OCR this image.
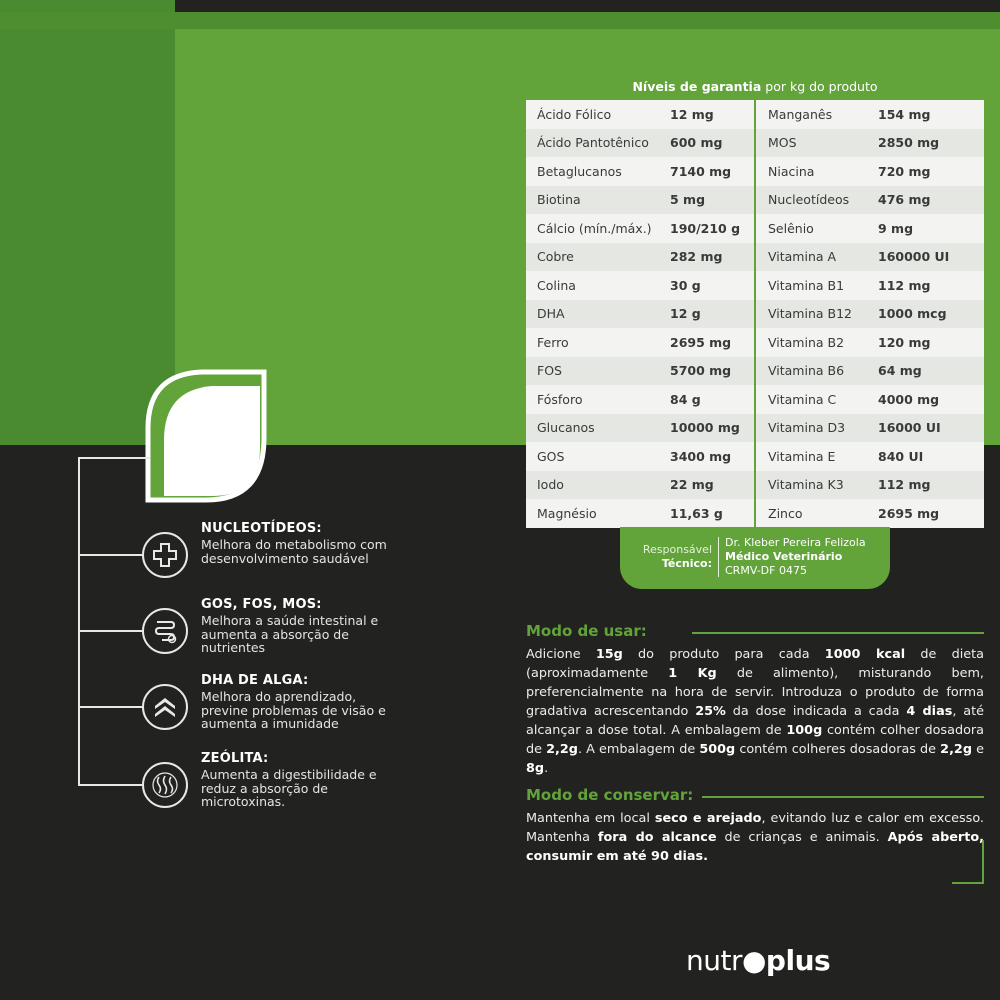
NUCLEOTÍDEOS:
Melhora do metabolismo com desenvolvimento saudável
GOS, FOS, MOS:
Melhora a saúde intestinal e aumenta a absorção de nutrientes
DHA DE ALGA:
Melhora do aprendizado, previne problemas de visão e aumenta a imunidade
ZEÓLITA:
Aumenta a digestibilidade e reduz a absorção de microtoxinas.
Níveis de garantia por kg do produto
Ácido Fólico	12 mg
Ácido Pantotênico	600 mg
Betaglucanos	7140 mg
Biotina	5 mg
Cálcio (mín./máx.)	190/210 g
Cobre	282 mg
Colina	30 g
DHA	12 g
Ferro	2695 mg
FOS	5700 mg
Fósforo	84 g
Glucanos	10000 mg
GOS	3400 mg
Iodo	22 mg
Magnésio	11,63 g
Manganês	154 mg
MOS	2850 mg
Niacina	720 mg
Nucleotídeos	476 mg
Selênio	9 mg
Vitamina A	160000 UI
Vitamina B1	112 mg
Vitamina B12	1000 mcg
Vitamina B2	120 mg
Vitamina B6	64 mg
Vitamina C	4000 mg
Vitamina D3	16000 UI
Vitamina E	840 UI
Vitamina K3	112 mg
Zinco	2695 mg
Responsável
Técnico:
Dr. Kleber Pereira Felizola
Médico Veterinário
CRMV-DF 0475
Modo de usar:
Adicione 15g do produto para cada 1000 kcal de dieta (aproximadamente 1 Kg de alimento), misturando bem, preferencialmente na hora de servir. Introduza o produto de forma gradativa acrescentando 25% da dose indicada a cada 4 dias, até alcançar a dose total. A embalagem de 100g contém colher dosadora de 2,2g. A embalagem de 500g contém colheres dosadoras de 2,2g e 8g.
Modo de conservar:
Mantenha em local seco e arejado, evitando luz e calor em excesso. Mantenha fora do alcance de crianças e animais. Após aberto, consumir em até 90 dias.
nutr●plus
